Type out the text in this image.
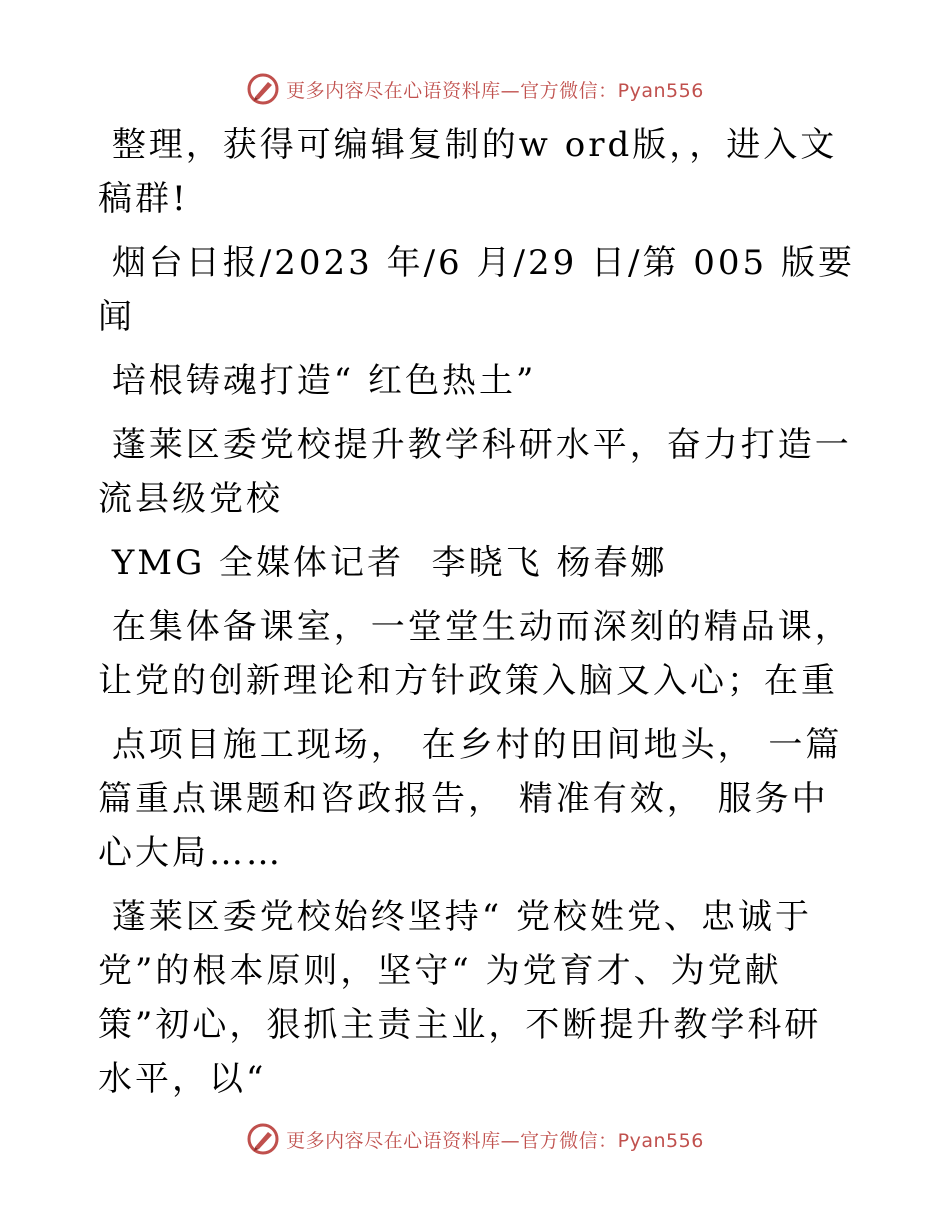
更多内容尽在心语资料库—官方微信：Pyan556

整理，获得可编辑复制的w ord版，，进入文稿群!

烟台日报/2023 年/6 月/29 日/第 005 版要闻

培根铸魂打造“ 红色热土”

蓬莱区委党校提升教学科研水平，奋力打造一流县级党校

YMG 全媒体记者  李晓飞 杨春娜

在集体备课室，一堂堂生动而深刻的精品课，让党的创新理论和方针政策入脑又入心；在重

点项目施工现场， 在乡村的田间地头， 一篇篇重点课题和咨政报告， 精准有效， 服务中心大局……

蓬莱区委党校始终坚持“ 党校姓党、忠诚于党”的根本原则，坚守“ 为党育才、为党献策”初心，狠抓主责主业，不断提升教学科研水平，以“

更多内容尽在心语资料库—官方微信：Pyan556
